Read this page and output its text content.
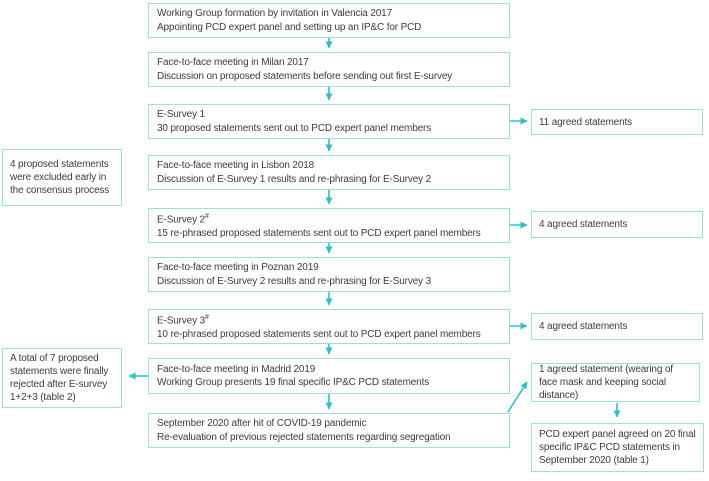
Working Group formation by invitation in Valencia 2017
Appointing PCD expert panel and setting up an IP&C for PCD
Face-to-face meeting in Milan 2017
Discussion on proposed statements before sending out first E-survey
E-Survey 1
30 proposed statements sent out to PCD expert panel members
Face-to-face meeting in Lisbon 2018
Discussion of E-Survey 1 results and re-phrasing for E-Survey 2
E-Survey 2#
15 re-phrased proposed statements sent out to PCD expert panel members
Face-to-face meeting in Poznan 2019
Discussion of E-Survey 2 results and re-phrasing for E-Survey 3
E-Survey 3#
10 re-phrased proposed statements sent out to PCD expert panel members
Face-to-face meeting in Madrid 2019
Working Group presents 19 final specific IP&C PCD statements
September 2020 after hit of COVID-19 pandemic
Re-evaluation of previous rejected statements regarding segregation
4 proposed statements were excluded early in the consensus process
A total of 7 proposed statements were finally rejected after E-survey 1+2+3 (table 2)
11 agreed statements
4 agreed statements
4 agreed statements
1 agreed statement (wearing of face mask and keeping social distance)
PCD expert panel agreed on 20 final specific IP&C PCD statements in September 2020 (table 1)
